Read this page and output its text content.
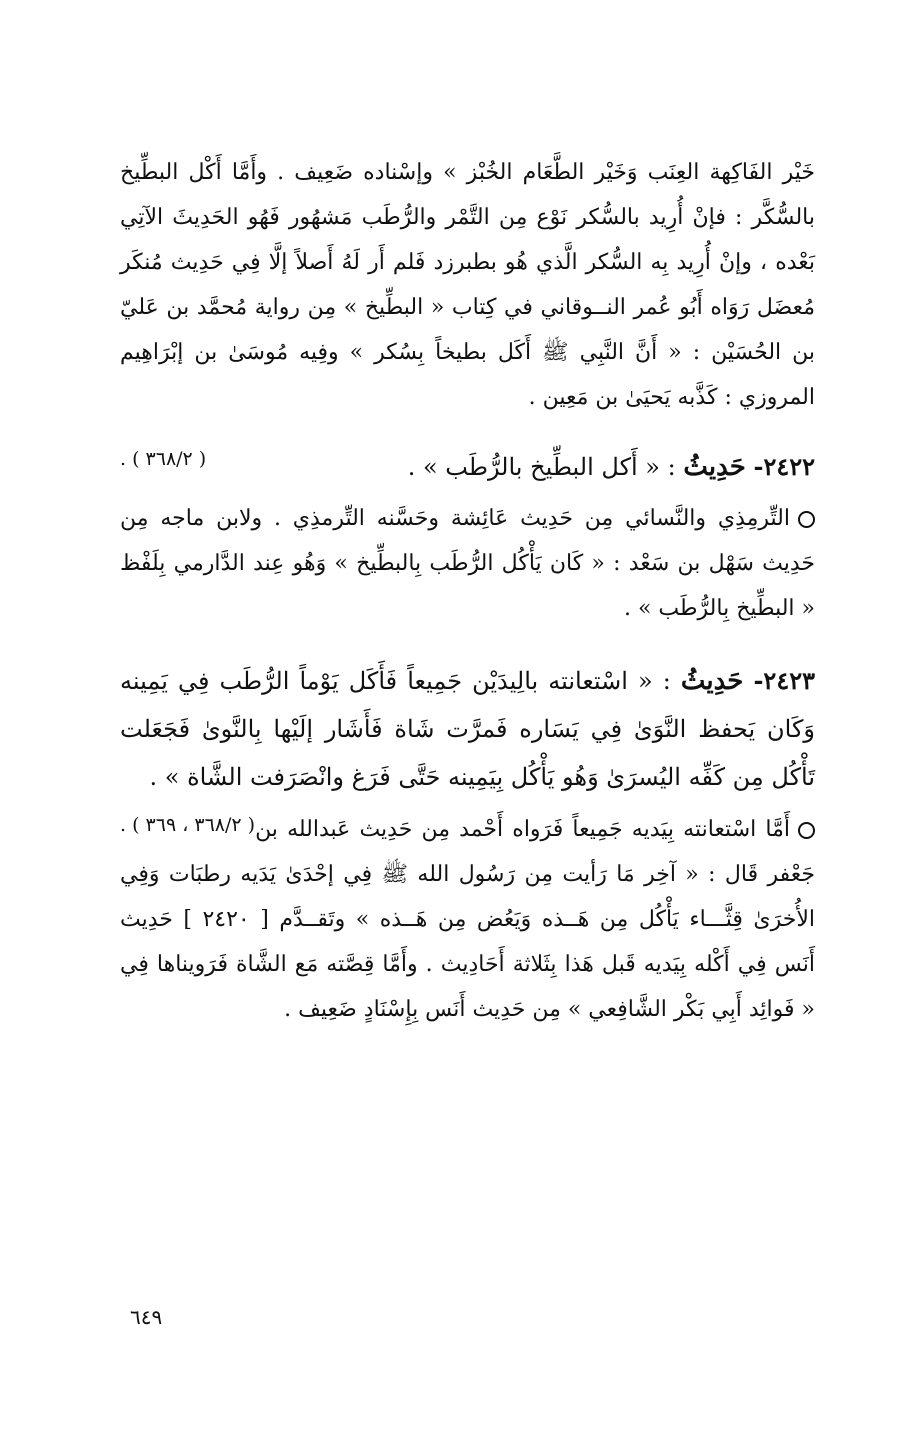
خَيْر الفَاكِهة العِنَب وَخَيْر الطَّعَام الخُبْز » وإسْناده ضَعِيف . وأَمَّا أَكْل البطِّيخ بالسُّكَّر : فإنْ أُرِيد بالسُّكر نَوْع مِن التَّمْر والرُّطَب مَشهُور فَهُو الحَدِيثَ الآتِي بَعْده ، وإنْ أُرِيد بِه السُّكر الَّذي هُو بطبرزد فَلم أَر لَهُ أَصلاً إلَّا فِي حَدِيث مُنكَر مُعضَل رَوَاه أَبُو عُمر النــوقاني في كِتاب « البطِّيخ » مِن رواية مُحمَّد بن عَليّ بن الحُسَيْن : « أَنَّ النَّبِي ﷺ أَكَل بطيخاً بِسُكر » وفِيه مُوسَىٰ بن إبْرَاهِيم المروزي : كَذَّبه يَحيَىٰ بن مَعِين .

٢٤٢٢- حَدِيثُ : « أَكل البطِّيخ بالرُّطَب » .
( ٣٦٨/٢ ) .

التِّرمِذِي والنَّسائي مِن حَدِيث عَائِشة وحَسَّنه التِّرمذِي . ولابن ماجه مِن حَدِيث سَهْل بن سَعْد : « كَان يَأْكُل الرُّطَب بِالبطِّيخ » وَهُو عِند الدَّارمي بِلَفْظ « البطِّيخ بِالرُّطَب » .

٢٤٢٣- حَدِيثُ : « اسْتعانته بالِيدَيْن جَمِيعاً فَأَكَل يَوْماً الرُّطَب فِي يَمِينه وَكَان يَحفظ النَّوَىٰ فِي يَسَاره فَمرَّت شَاة فَأَشَار إلَيْها بِالنَّوىٰ فَجَعَلت تَأْكُل مِن كَفِّه اليُسرَىٰ وَهُو يَأْكُل بِيَمِينه حَتَّى فَرَغ وانْصَرَفت الشَّاة » .
( ٣٦٨/٢ ، ٣٦٩ ) . أَمَّا اسْتعانته بِيَديه جَمِيعاً فَرَواه أَحْمد مِن حَدِيث عَبدالله بن جَعْفر قَال : « آخِر مَا رَأيت مِن رَسُول الله ﷺ فِي إحْدَىٰ يَدَيه رطبَات وَفِي الأُخرَىٰ قِثَّـــاء يَأْكُل مِن هَــذه وَيَعُض مِن هَــذه » وتَقــدَّم [ ٢٤٢٠ ] حَدِيث أَنَس فِي أَكْله بِيَديه قَبل هَذا بِثَلاثة أَحَادِيث . وأَمَّا قِصَّته مَع الشَّاة فَرَويناها فِي « فَوائِد أَبِي بَكْر الشَّافِعي » مِن حَدِيث أَنَس بِإِسْنَادٍ ضَعِيف .

٦٤٩
